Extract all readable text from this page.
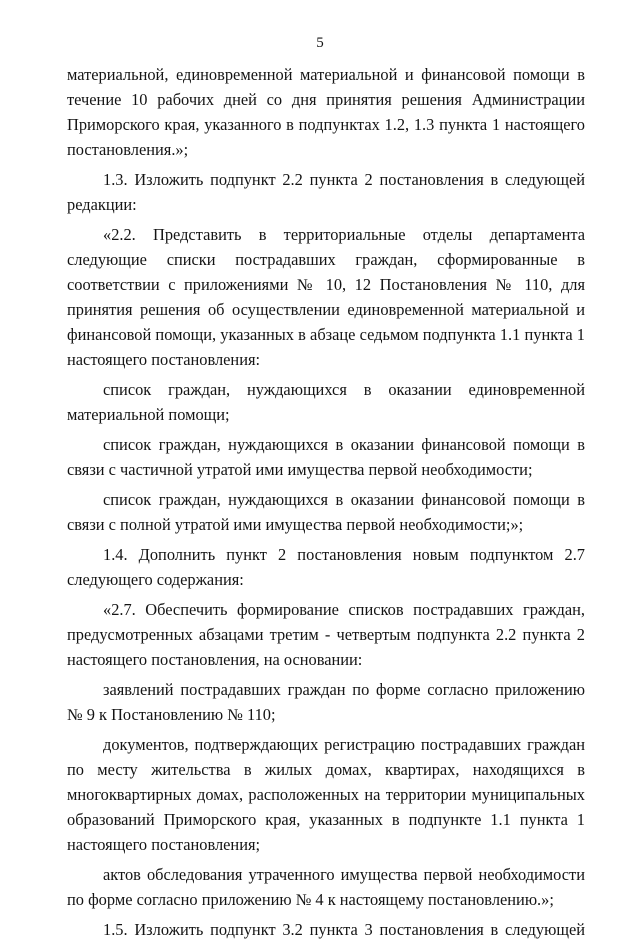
5

материальной, единовременной материальной и финансовой помощи в течение 10 рабочих дней со дня принятия решения Администрации Приморского края, указанного в подпунктах 1.2, 1.3 пункта 1 настоящего постановления.»;

1.3. Изложить подпункт 2.2 пункта 2 постановления в следующей редакции:

«2.2. Представить в территориальные отделы департамента следующие списки пострадавших граждан, сформированные в соответствии с приложениями № 10, 12 Постановления № 110, для принятия решения об осуществлении единовременной материальной и финансовой помощи, указанных в абзаце седьмом подпункта 1.1 пункта 1 настоящего постановления:

список граждан, нуждающихся в оказании единовременной материальной помощи;

список граждан, нуждающихся в оказании финансовой помощи в связи с частичной утратой ими имущества первой необходимости;

список граждан, нуждающихся в оказании финансовой помощи в связи с полной утратой ими имущества первой необходимости;»;

1.4. Дополнить пункт 2 постановления новым подпунктом 2.7 следующего содержания:

«2.7. Обеспечить формирование списков пострадавших граждан, предусмотренных абзацами третим - четвертым подпункта 2.2 пункта 2 настоящего постановления, на основании:

заявлений пострадавших граждан по форме согласно приложению № 9 к Постановлению № 110;

документов, подтверждающих регистрацию пострадавших граждан по месту жительства в жилых домах, квартирах, находящихся в многоквартирных домах, расположенных на территории муниципальных образований Приморского края, указанных в подпункте 1.1 пункта 1 настоящего постановления;

актов обследования утраченного имущества первой необходимости по форме согласно приложению № 4 к настоящему постановлению.»;

1.5. Изложить подпункт 3.2 пункта 3 постановления в следующей
